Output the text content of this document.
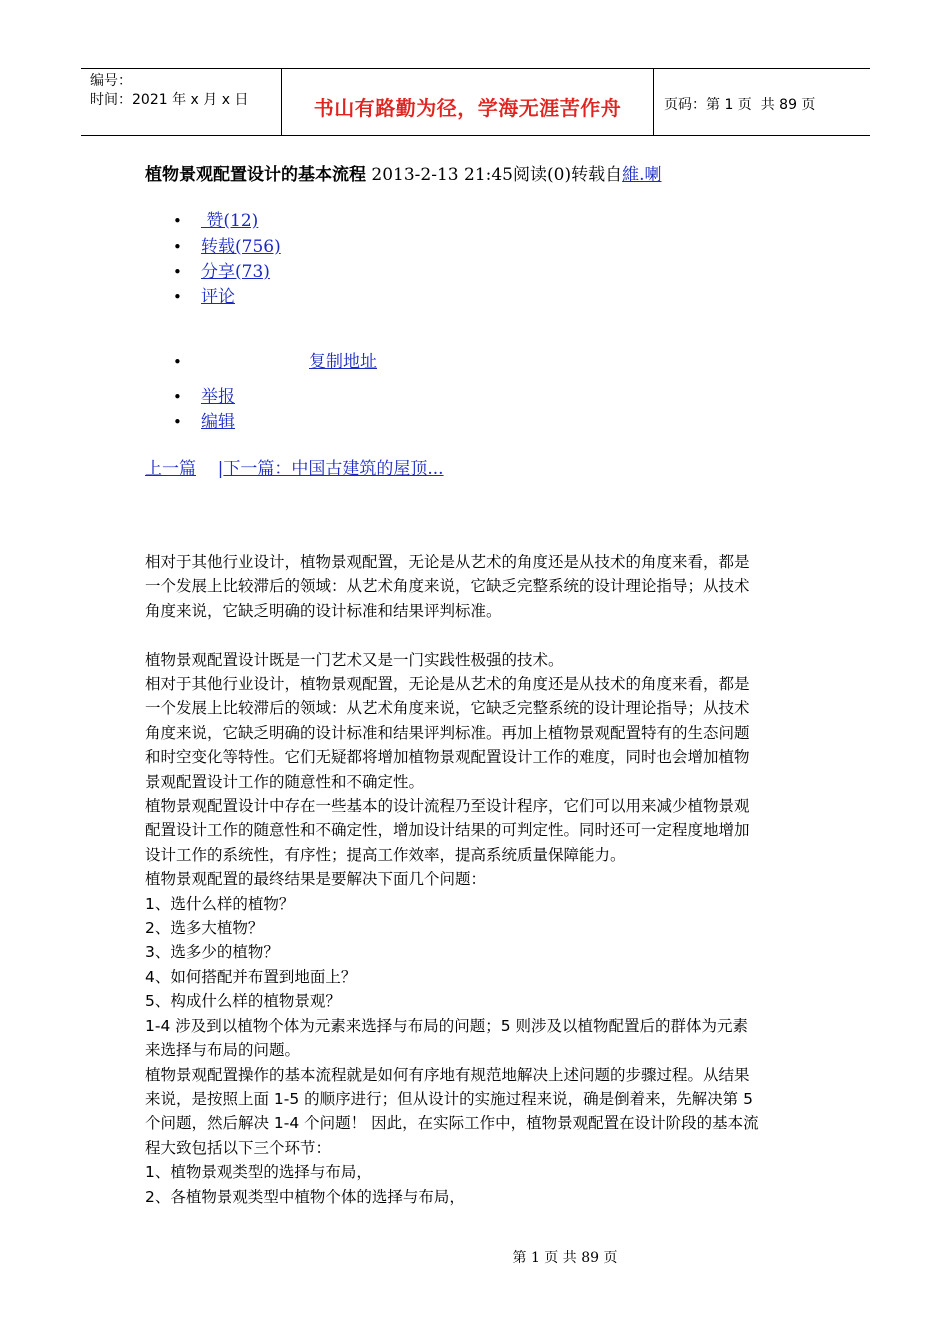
编号：
时间：2021 年 x 月 x 日	书山有路勤为径，学海无涯苦作舟	页码：第 1 页  共 89 页
植物景观配置设计的基本流程 2013-2-13 21:45阅读(0)转载自維.喇
• 赞(12)
•转载(756)
•分享(73)
•评论
•复制地址
•举报
•编辑
上一篇 |下一篇：中国古建筑的屋顶...

相对于其他行业设计，植物景观配置，无论是从艺术的角度还是从技术的角度来看，都是

一个发展上比较滞后的领域：从艺术角度来说，它缺乏完整系统的设计理论指导；从技术

角度来说，它缺乏明确的设计标准和结果评判标准。

植物景观配置设计既是一门艺术又是一门实践性极强的技术。

相对于其他行业设计，植物景观配置，无论是从艺术的角度还是从技术的角度来看，都是

一个发展上比较滞后的领域：从艺术角度来说，它缺乏完整系统的设计理论指导；从技术

角度来说，它缺乏明确的设计标准和结果评判标准。再加上植物景观配置特有的生态问题

和时空变化等特性。它们无疑都将增加植物景观配置设计工作的难度，同时也会增加植物

景观配置设计工作的随意性和不确定性。

植物景观配置设计中存在一些基本的设计流程乃至设计程序，它们可以用来减少植物景观

配置设计工作的随意性和不确定性，增加设计结果的可判定性。同时还可一定程度地增加

设计工作的系统性，有序性；提高工作效率，提高系统质量保障能力。

植物景观配置的最终结果是要解决下面几个问题：

1、选什么样的植物？

2、选多大植物？

3、选多少的植物？

4、如何搭配并布置到地面上？

5、构成什么样的植物景观？

1-4 涉及到以植物个体为元素来选择与布局的问题；5 则涉及以植物配置后的群体为元素

来选择与布局的问题。

植物景观配置操作的基本流程就是如何有序地有规范地解决上述问题的步骤过程。从结果

来说，是按照上面 1-5 的顺序进行；但从设计的实施过程来说，确是倒着来，先解决第 5

个问题，然后解决 1-4 个问题！ 因此，在实际工作中，植物景观配置在设计阶段的基本流

程大致包括以下三个环节：

1、植物景观类型的选择与布局，

2、各植物景观类型中植物个体的选择与布局，

第 1 页 共 89 页
